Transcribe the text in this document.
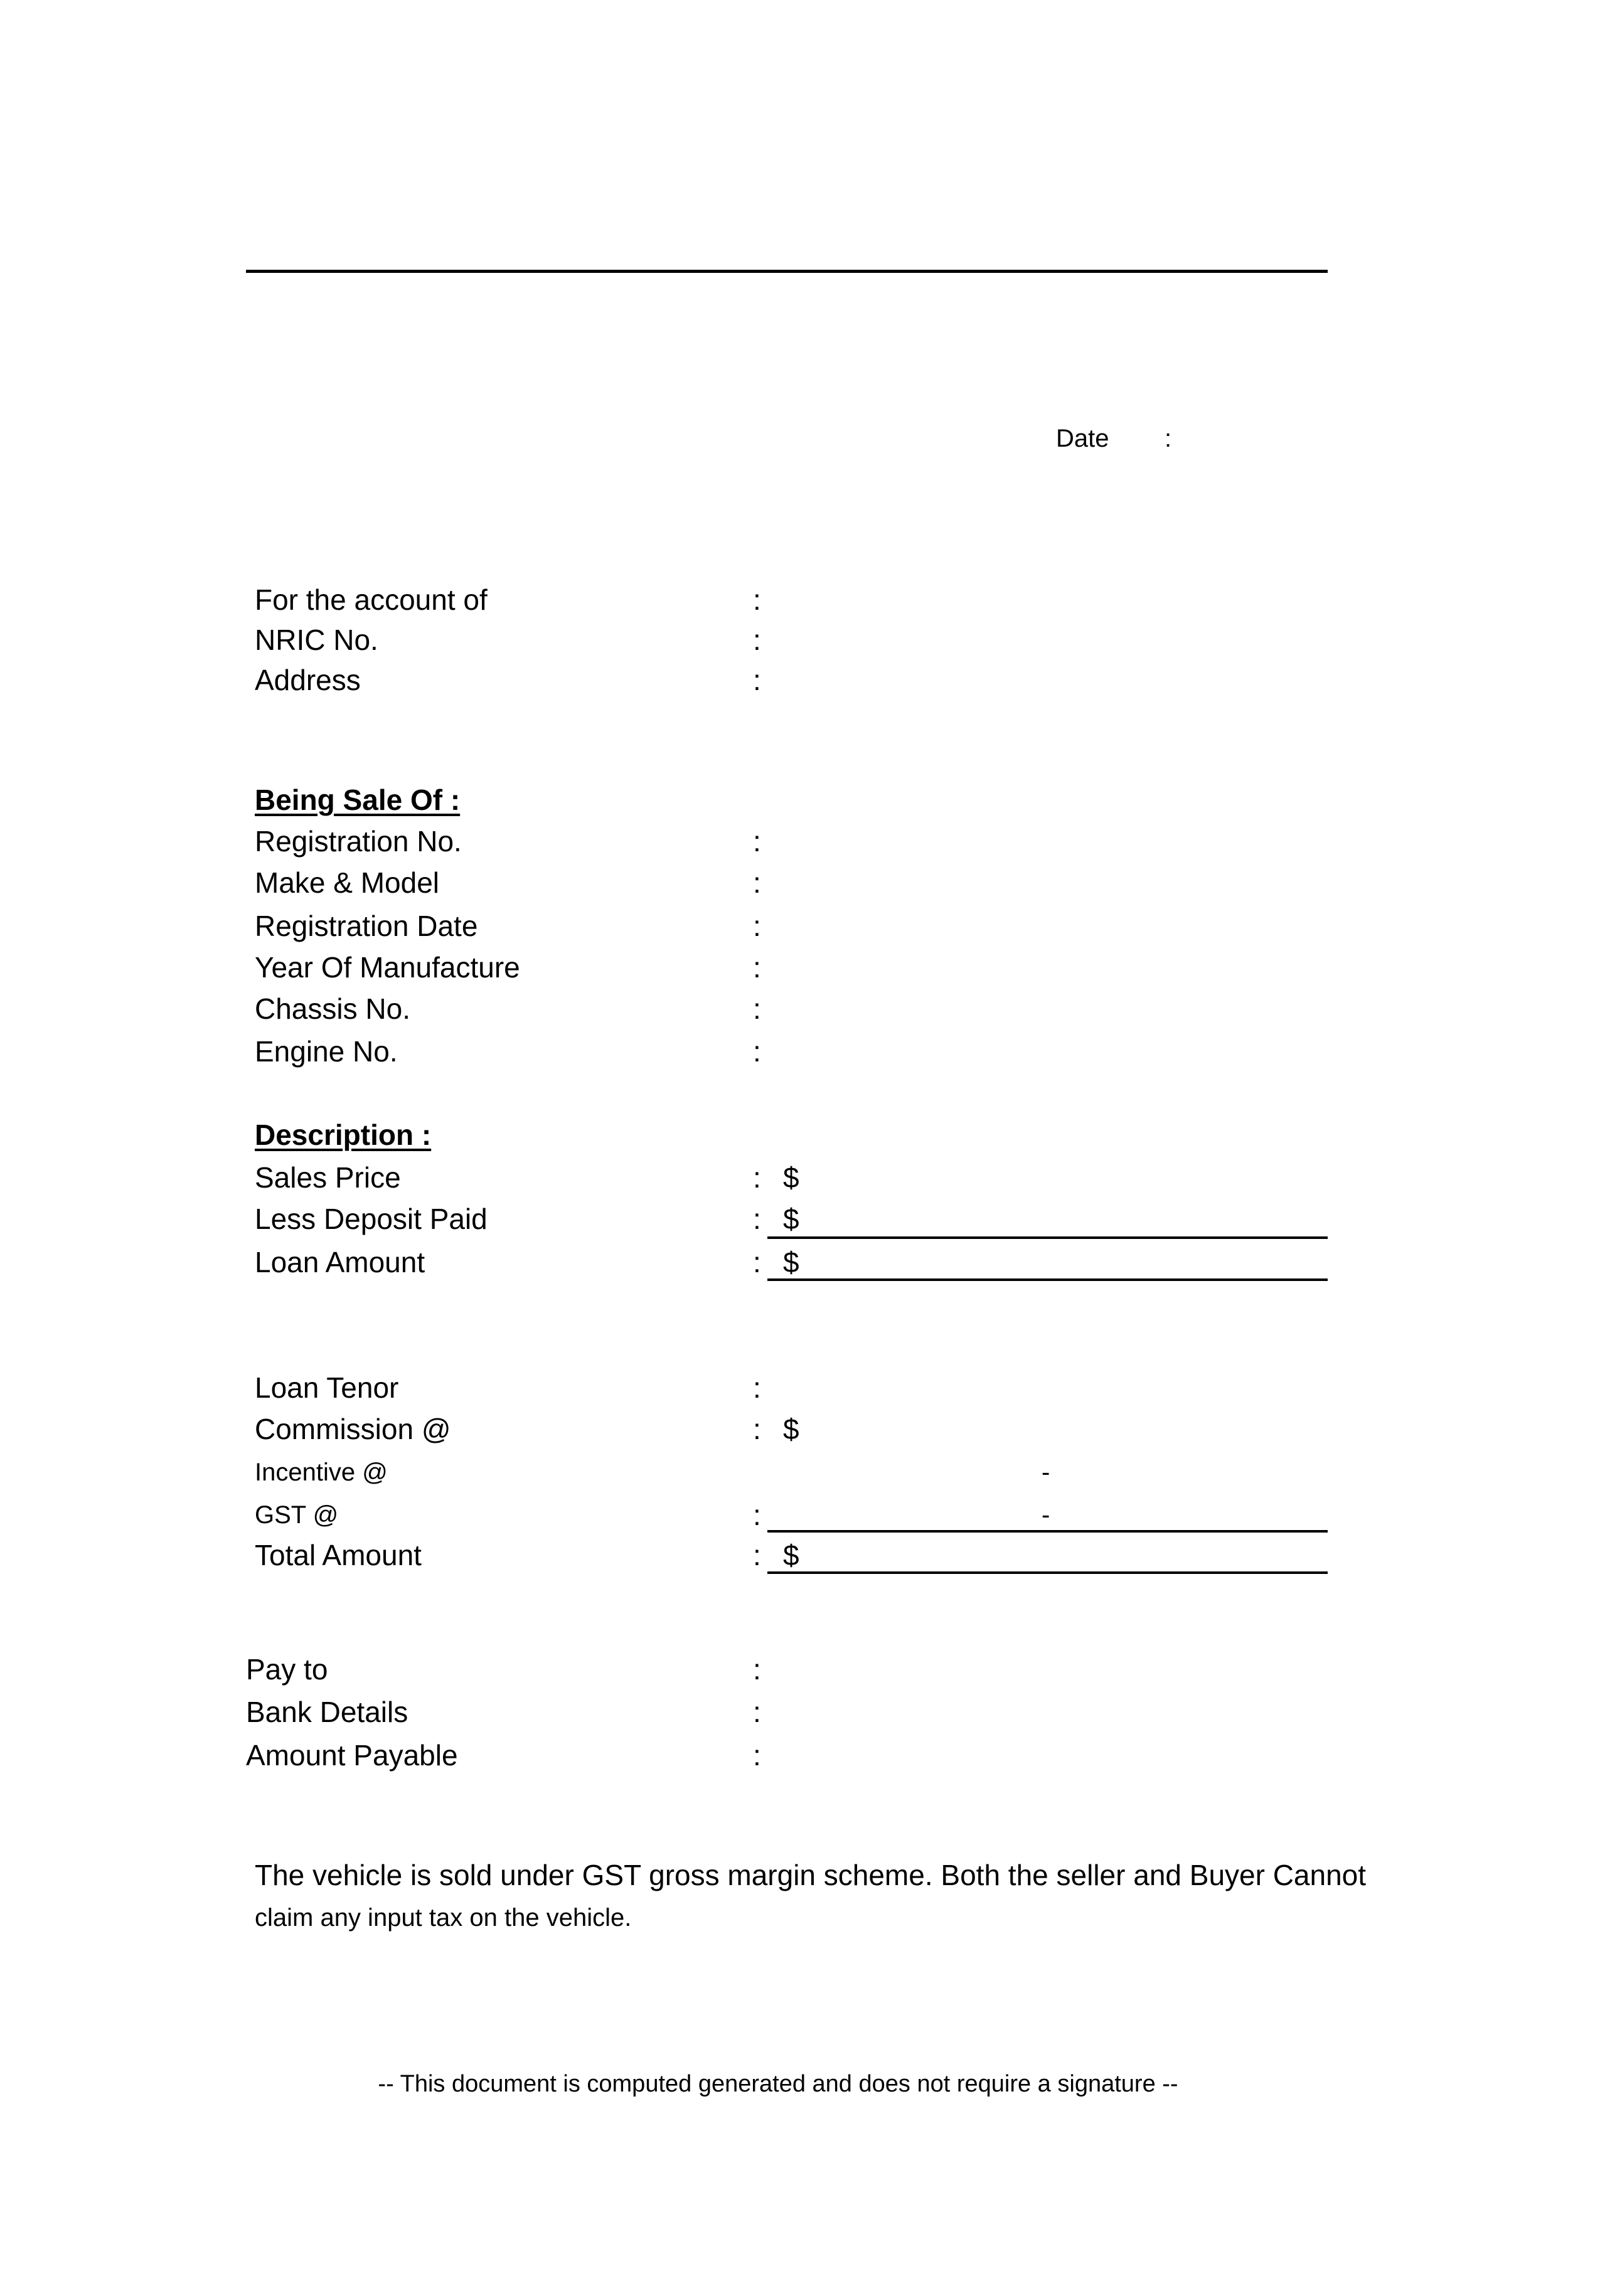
Date :
For the account of	:
NRIC No.	:
Address	:
Being Sale Of :
Registration No.	:
Make & Model	:
Registration Date	:
Year Of Manufacture	:
Chassis No.	:
Engine No.	:
Description :
Sales Price	: $
Less Deposit Paid	: $
Loan Amount	: $
Loan Tenor	:
Commission @	: $
Incentive @	-
GST @	:	-
Total Amount	: $
Pay to	:
Bank Details	:
Amount Payable	:
The vehicle is sold under GST gross margin scheme. Both the seller and Buyer Cannot
claim any input tax on the vehicle.
-- This document is computed generated and does not require a signature --
